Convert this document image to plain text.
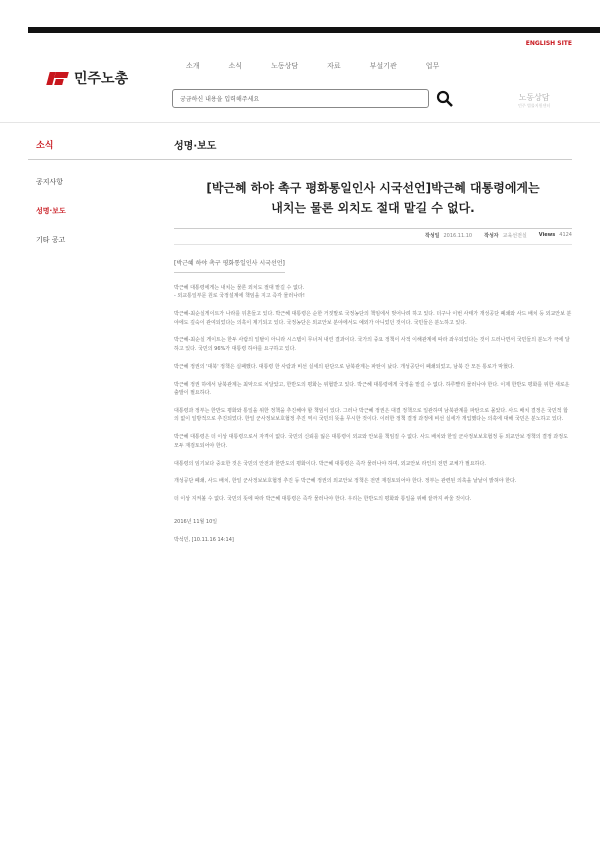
ENGLISH SITE
민주노총
소개	소식	노동상담	자료	부설기관	업무
궁금하신 내용을 입력해주세요	노동상담
민주 법률지원센터
소식	성명·보도
공지사항
성명·보도
기타 공고
[박근혜 하야 촉구 평화통일인사 시국선언]박근혜 대통령에게는
내치는 물론 외치도 절대 맡길 수 없다.
작성일 2016.11.10 작성자 교육선전실 Views 4124
[박근혜 하야 촉구 평화통일인사 시국선언]

박근혜 대통령에게는 내치는 물론 외치도 절대 맡길 수 없다.
- 외교통일부문 원로 국정설계에 책임을 지고 즉각 물러나라!

박근혜-최순실게이트가 나라를 뒤흔들고 있다. 박근혜 대통령은 순한 거짓말로 국정농단의 책임에서 벗어나려 하고 있다. 더구나 이번 사태가 개성공단 폐쇄와 사드 배치 등 외교안보 분야에도 깊숙이 관여되었다는 의혹이 제기되고 있다. 국정농단은 외교안보 분야에서도 예외가 아니었던 것이다. 국민들은 분노하고 있다.

박근혜-최순실 게이트는 한두 사람의 일탈이 아니라 시스템이 무너져 내린 결과이다. 국가의 중요 정책이 사적 이해관계에 따라 좌우되었다는 것이 드러나면서 국민들의 분노가 극에 달하고 있다. 국민의 96%가 대통령 하야를 요구하고 있다.

박근혜 정권의 '대북' 정책은 실패했다. 대통령 한 사람과 비선 실세의 판단으로 남북관계는 파탄이 났다. 개성공단이 폐쇄되었고, 남북 간 모든 통로가 막혔다.

박근혜 정권 하에서 남북관계는 최악으로 치달았고, 한반도의 평화는 위협받고 있다. 박근혜 대통령에게 국정을 맡길 수 없다. 하루빨리 물러나야 한다. 이제 한반도 평화를 위한 새로운 출발이 필요하다.

대통령과 정부는 한반도 평화와 통일을 위한 정책을 추진해야 할 책임이 있다. 그러나 박근혜 정권은 대결 정책으로 일관하며 남북관계를 파탄으로 몰았다. 사드 배치 결정은 국민적 합의 없이 일방적으로 추진되었다. 한일 군사정보보호협정 추진 역시 국민의 뜻을 무시한 것이다. 이러한 정책 결정 과정에 비선 실세가 개입했다는 의혹에 대해 국민은 분노하고 있다.

박근혜 대통령은 더 이상 대통령으로서 자격이 없다. 국민의 신뢰를 잃은 대통령이 외교와 안보를 책임질 수 없다. 사드 배치와 한일 군사정보보호협정 등 외교안보 정책의 결정 과정도 모두 재검토되어야 한다.

대통령의 임기보다 중요한 것은 국민의 안전과 한반도의 평화이다. 박근혜 대통령은 즉각 물러나야 하며, 외교안보 라인의 전면 교체가 필요하다.

개성공단 폐쇄, 사드 배치, 한일 군사정보보호협정 추진 등 박근혜 정권의 외교안보 정책은 전면 재검토되어야 한다. 정부는 관련된 의혹을 낱낱이 밝혀야 한다.

더 이상 지켜볼 수 없다. 국민의 뜻에 따라 박근혜 대통령은 즉각 물러나야 한다. 우리는 한반도의 평화와 통일을 위해 끝까지 싸울 것이다.

2016년 11월 10일

박석민, [10.11.16 14:14]
